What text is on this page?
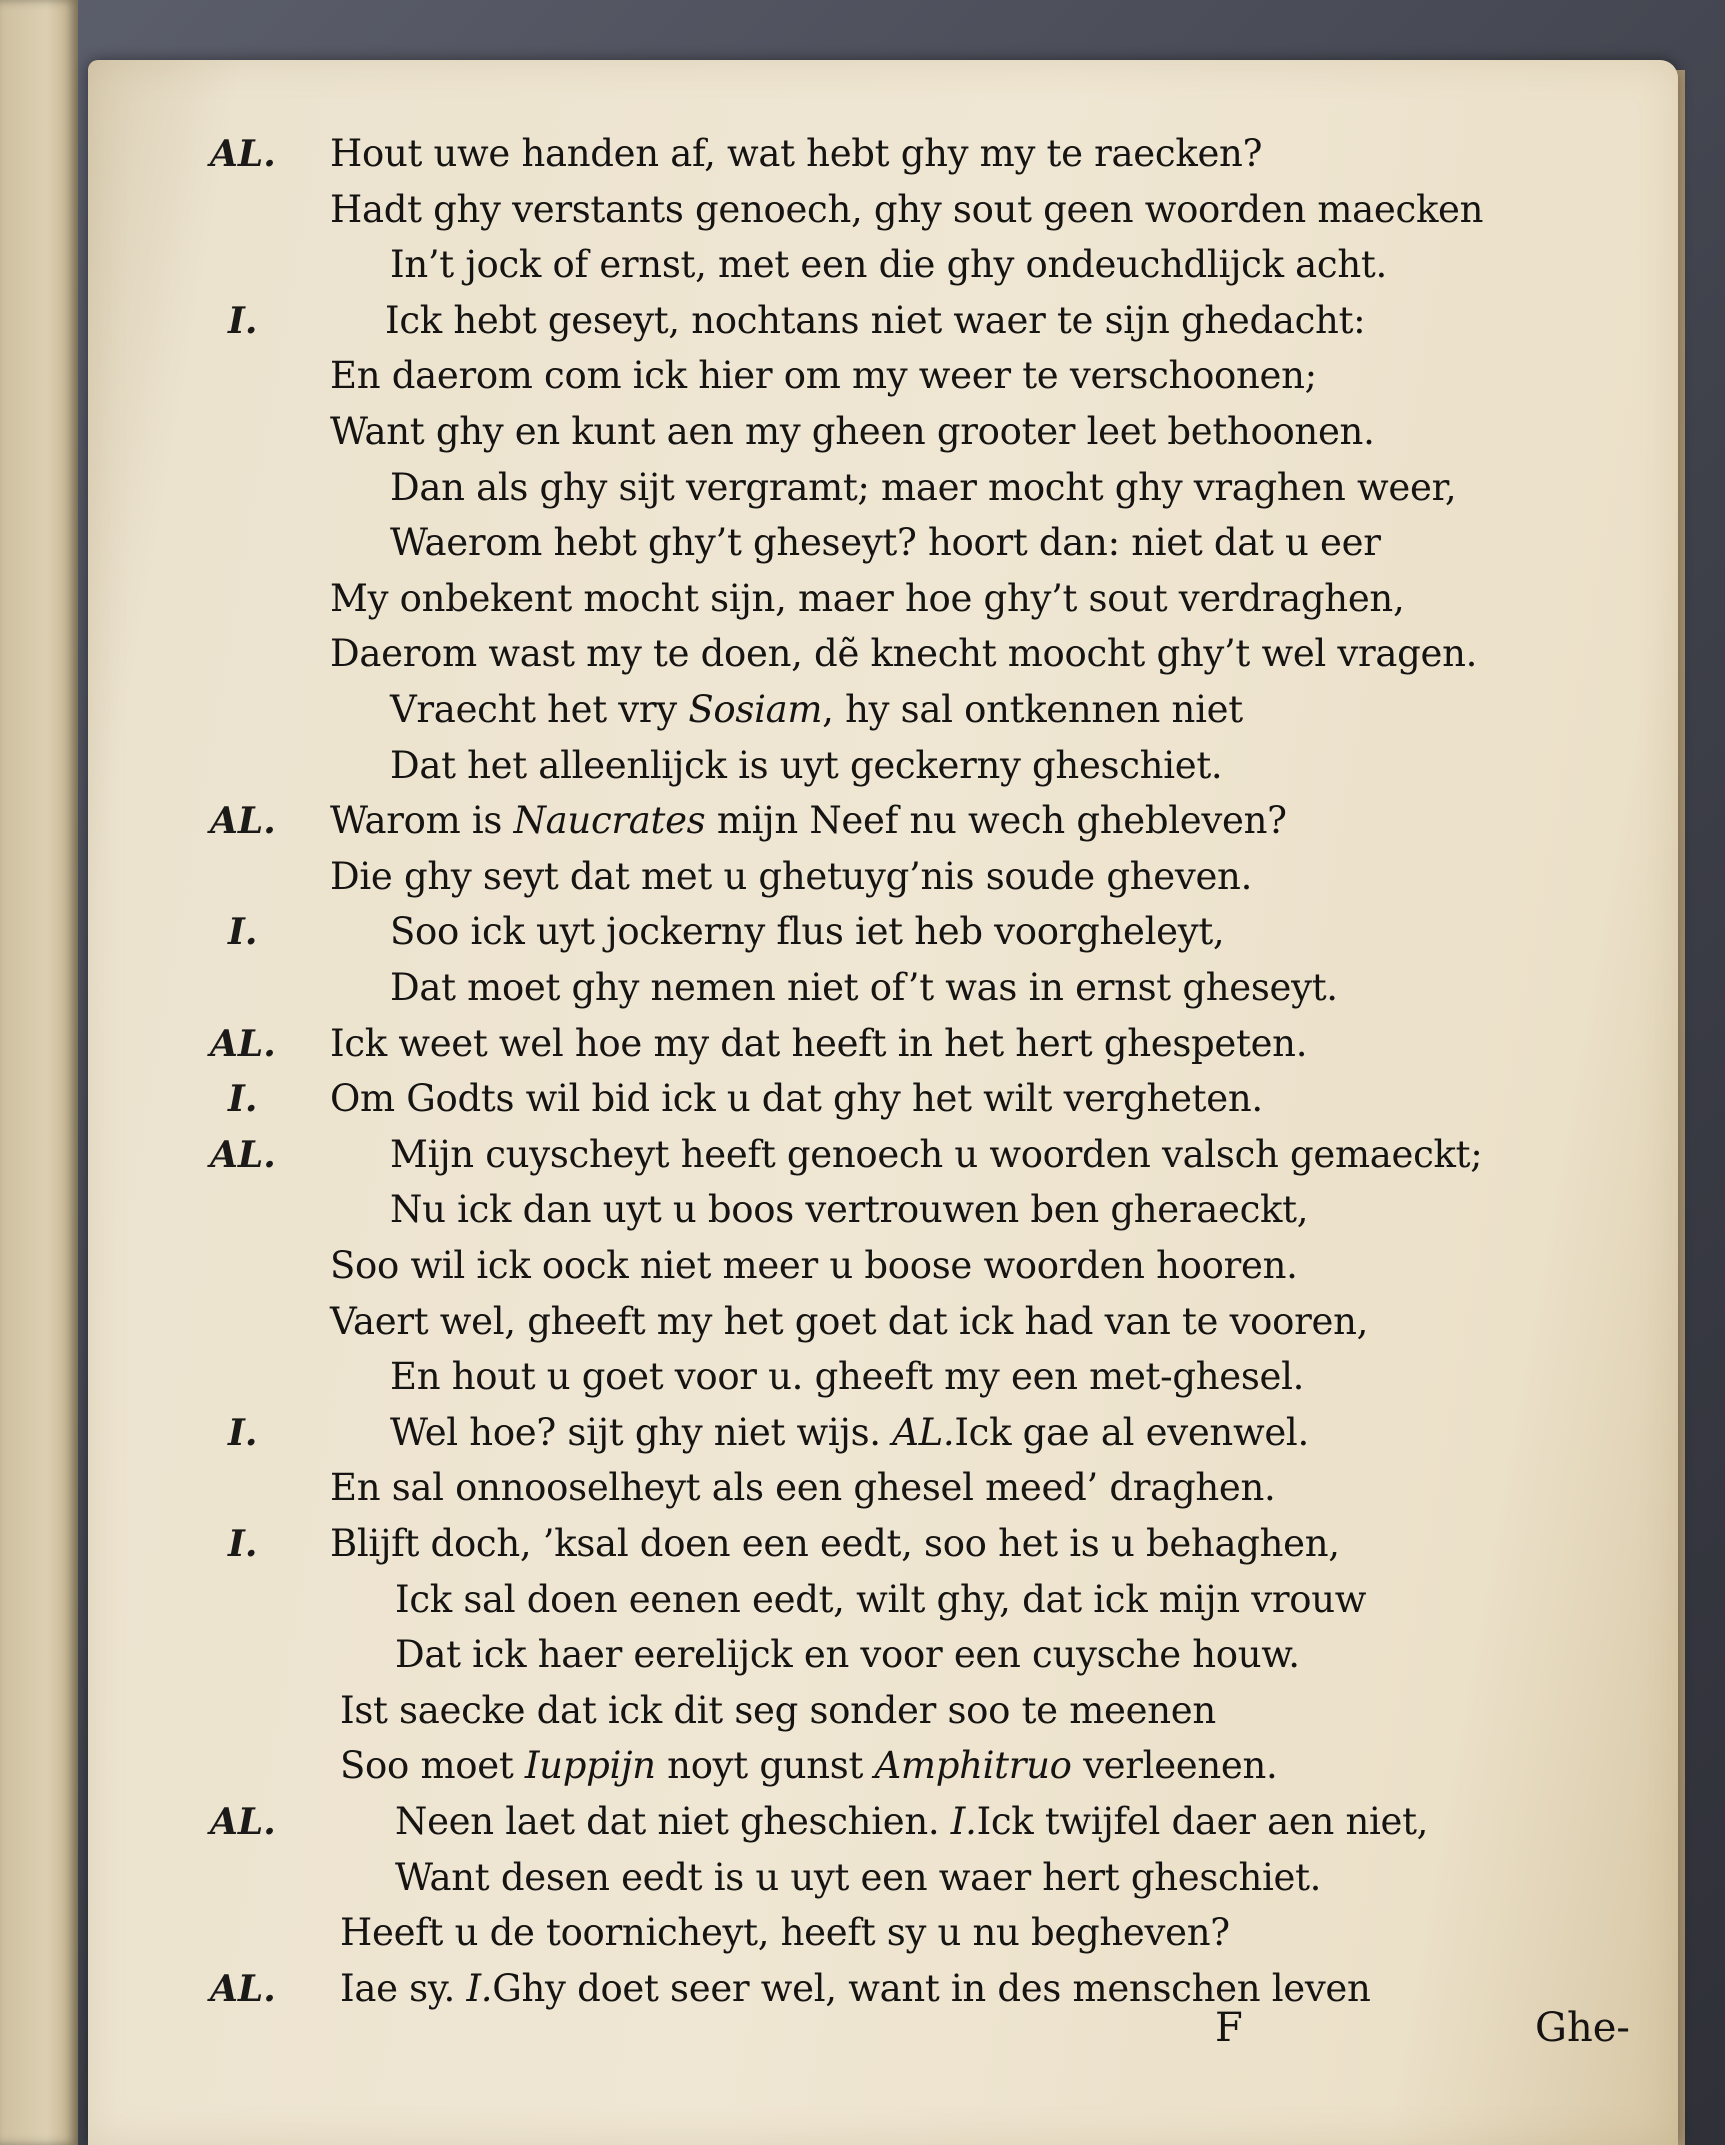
AL. Hout uwe handen af, wat hebt ghy my te raecken?
Hadt ghy verstants genoech, ghy sout geen woorden maecken
In’t jock of ernst, met een die ghy ondeuchdlijck acht.
I.	Ick hebt geseyt, nochtans niet waer te sijn ghedacht:
En daerom com ick hier om my weer te verschoonen;
Want ghy en kunt aen my gheen grooter leet bethoonen.
Dan als ghy sijt vergramt; maer mocht ghy vraghen weer,
Waerom hebt ghy’t gheseyt? hoort dan: niet dat u eer
My onbekent mocht sijn, maer hoe ghy’t sout verdraghen,
Daerom wast my te doen, dẽ knecht moocht ghy’t wel vragen.
Vraecht het vry Sosiam, hy sal ontkennen niet
Dat het alleenlijck is uyt geckerny gheschiet.
AL. Warom is Naucrates mijn Neef nu wech ghebleven?
Die ghy seyt dat met u ghetuyg’nis soude gheven.
I.	Soo ick uyt jockerny flus iet heb voorgheleyt,
Dat moet ghy nemen niet of’t was in ernst gheseyt.
AL. Ick weet wel hoe my dat heeft in het hert ghespeten.
I. Om Godts wil bid ick u dat ghy het wilt vergheten.
AL.	Mijn cuyscheyt heeft genoech u woorden valsch gemaeckt;
Nu ick dan uyt u boos vertrouwen ben gheraeckt,
Soo wil ick oock niet meer u boose woorden hooren.
Vaert wel, gheeft my het goet dat ick had van te vooren,
En hout u goet voor u. gheeft my een met-ghesel.
I.	Wel hoe? sijt ghy niet wijs. AL.Ick gae al evenwel.
En sal onnooselheyt als een ghesel meed’ draghen.
I. Blijft doch, ’ksal doen een eedt, soo het is u behaghen,
Ick sal doen eenen eedt, wilt ghy, dat ick mijn vrouw
Dat ick haer eerelijck en voor een cuysche houw.
Ist saecke dat ick dit seg sonder soo te meenen
Soo moet Iuppijn noyt gunst Amphitruo verleenen.
AL.	Neen laet dat niet gheschien. I.Ick twijfel daer aen niet,
Want desen eedt is u uyt een waer hert gheschiet.
Heeft u de toornicheyt, heeft sy u nu begheven?
AL. Iae sy. I.Ghy doet seer wel, want in des menschen leven
F	Ghe-
